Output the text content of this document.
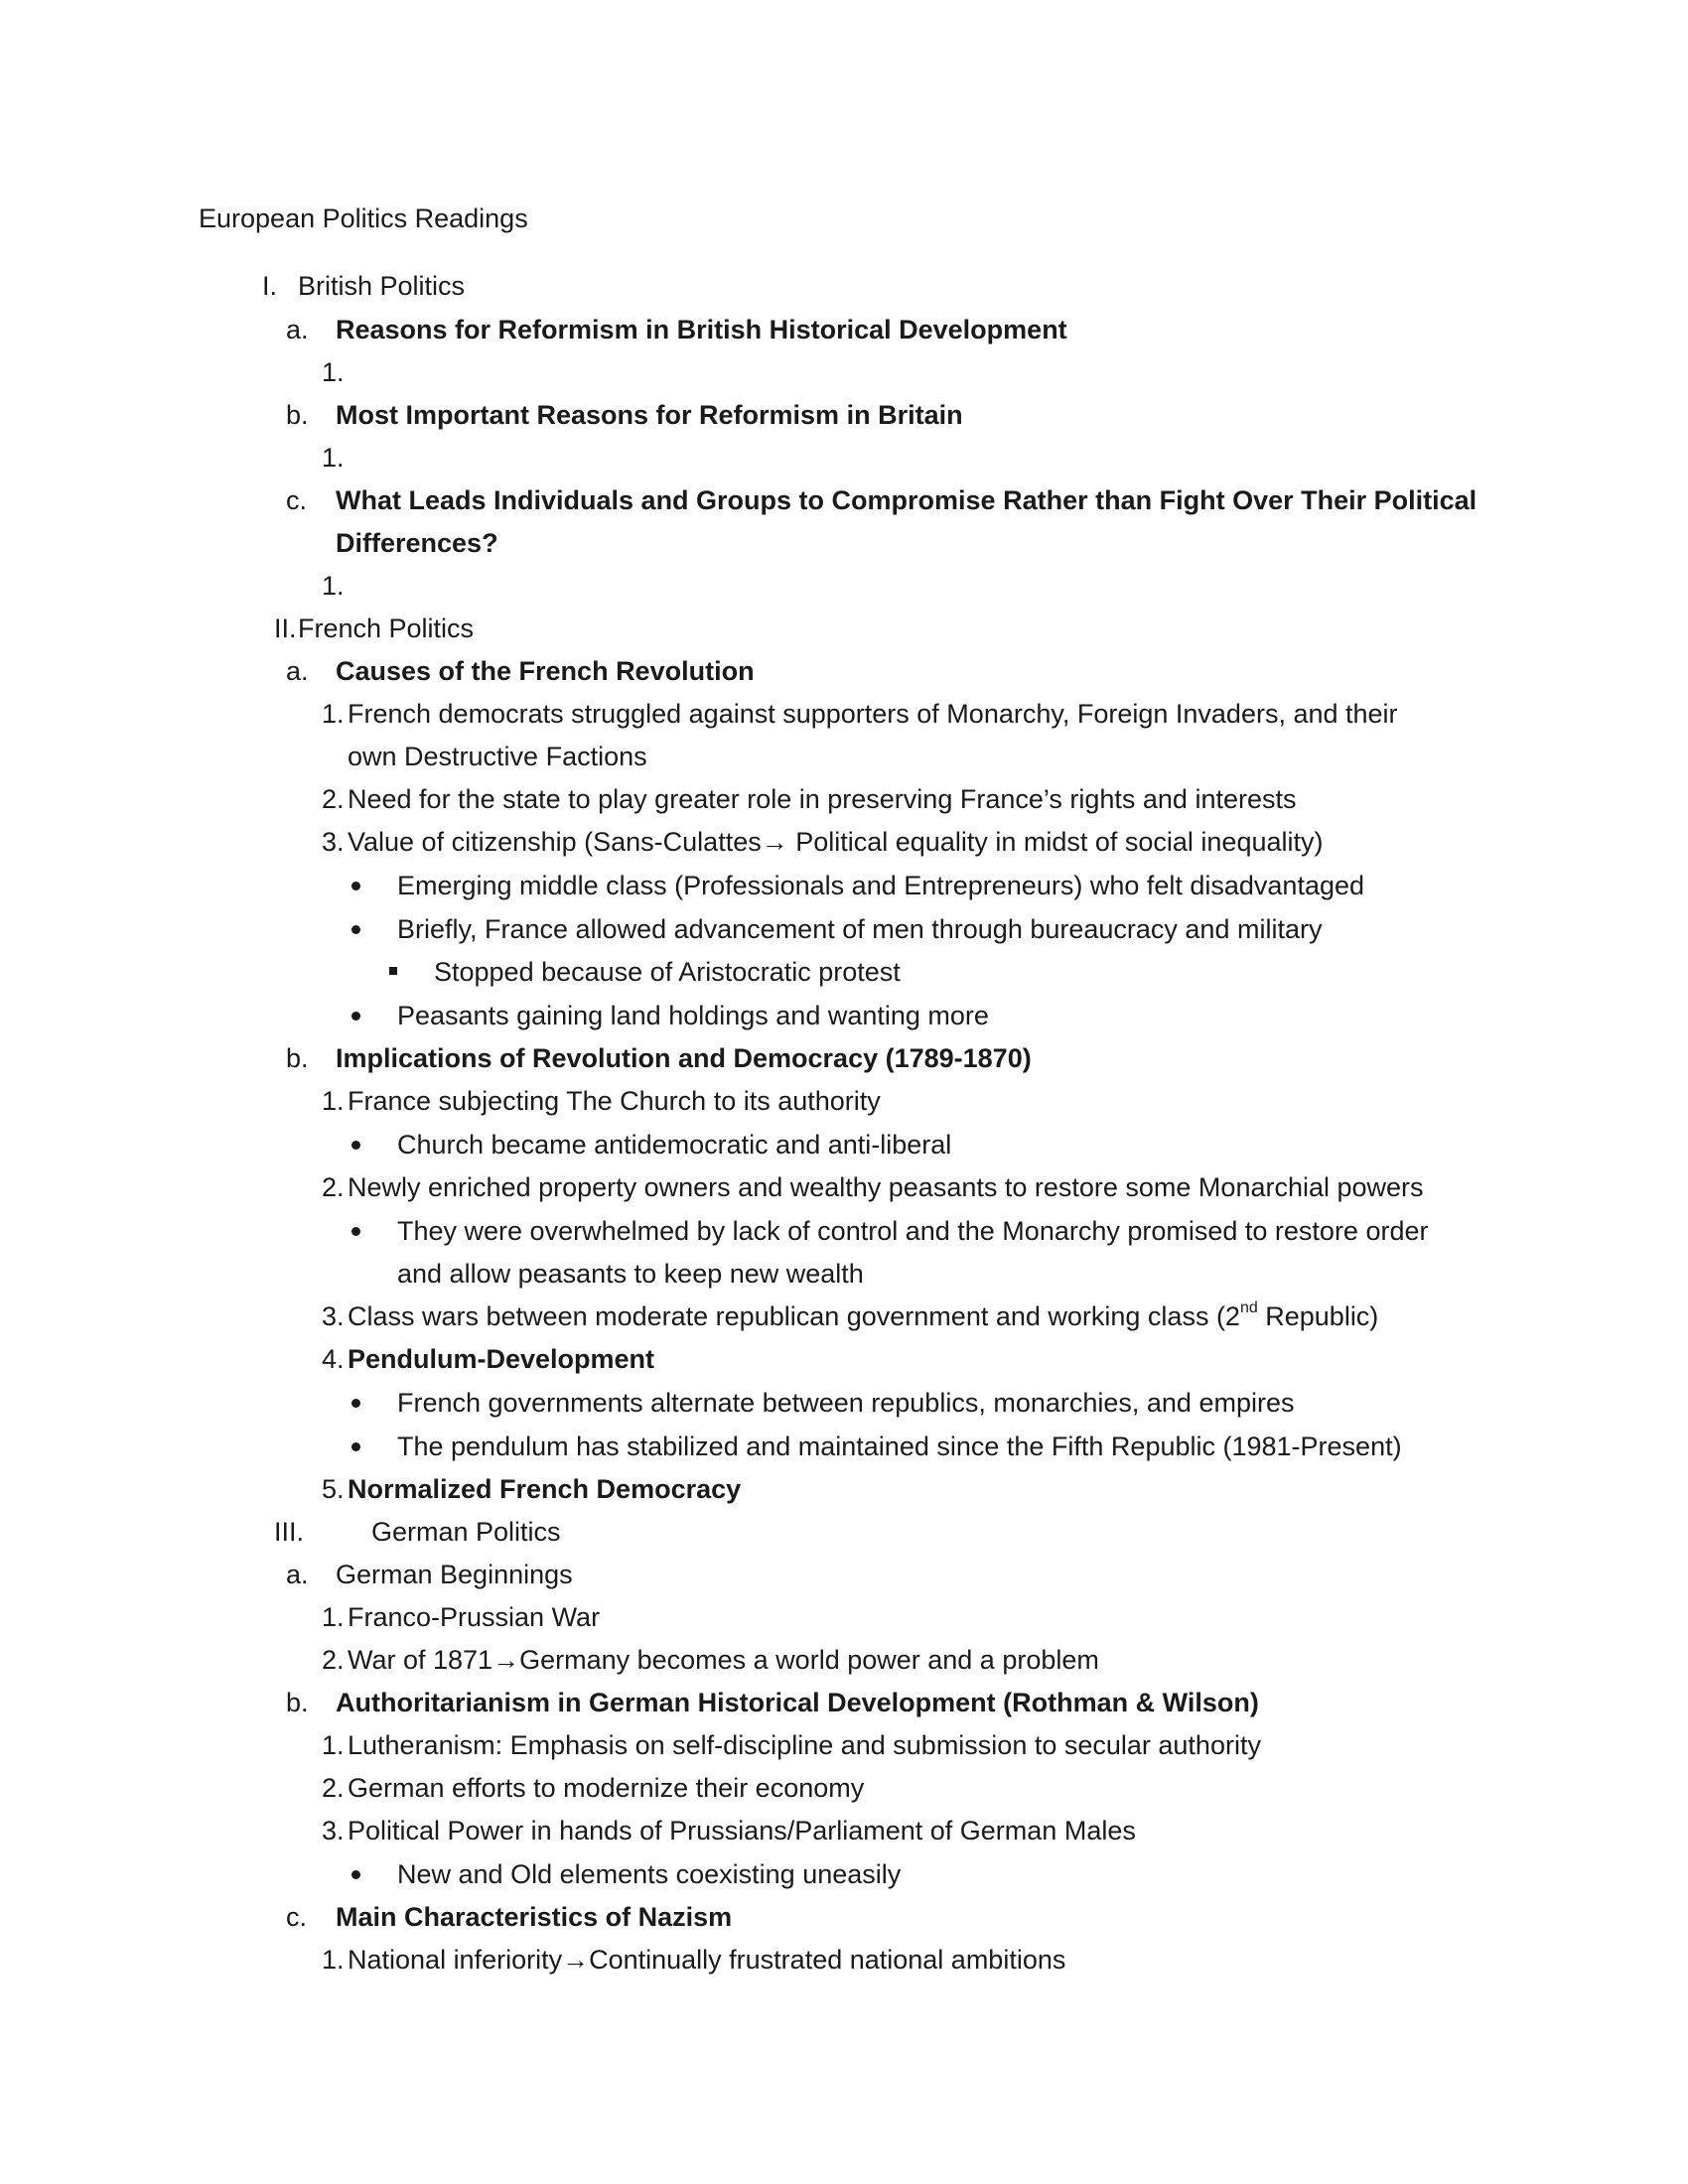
European Politics Readings
I. British Politics
a. Reasons for Reformism in British Historical Development
1.
b. Most Important Reasons for Reformism in Britain
1.
c. What Leads Individuals and Groups to Compromise Rather than Fight Over Their Political
Differences?
1.
II. French Politics
a. Causes of the French Revolution
1. French democrats struggled against supporters of Monarchy, Foreign Invaders, and their
own Destructive Factions
2. Need for the state to play greater role in preserving France’s rights and interests
3. Value of citizenship (Sans-Culattes→ Political equality in midst of social inequality)
Emerging middle class (Professionals and Entrepreneurs) who felt disadvantaged
Briefly, France allowed advancement of men through bureaucracy and military
Stopped because of Aristocratic protest
Peasants gaining land holdings and wanting more
b. Implications of Revolution and Democracy (1789-1870)
1. France subjecting The Church to its authority
Church became antidemocratic and anti-liberal
2. Newly enriched property owners and wealthy peasants to restore some Monarchial powers
They were overwhelmed by lack of control and the Monarchy promised to restore order
and allow peasants to keep new wealth
3. Class wars between moderate republican government and working class (2nd Republic)
4. Pendulum-Development
French governments alternate between republics, monarchies, and empires
The pendulum has stabilized and maintained since the Fifth Republic (1981-Present)
5. Normalized French Democracy
III.	German Politics
a. German Beginnings
1. Franco-Prussian War
2. War of 1871→Germany becomes a world power and a problem
b. Authoritarianism in German Historical Development (Rothman & Wilson)
1. Lutheranism: Emphasis on self-discipline and submission to secular authority
2. German efforts to modernize their economy
3. Political Power in hands of Prussians/Parliament of German Males
New and Old elements coexisting uneasily
c. Main Characteristics of Nazism
1. National inferiority→Continually frustrated national ambitions
